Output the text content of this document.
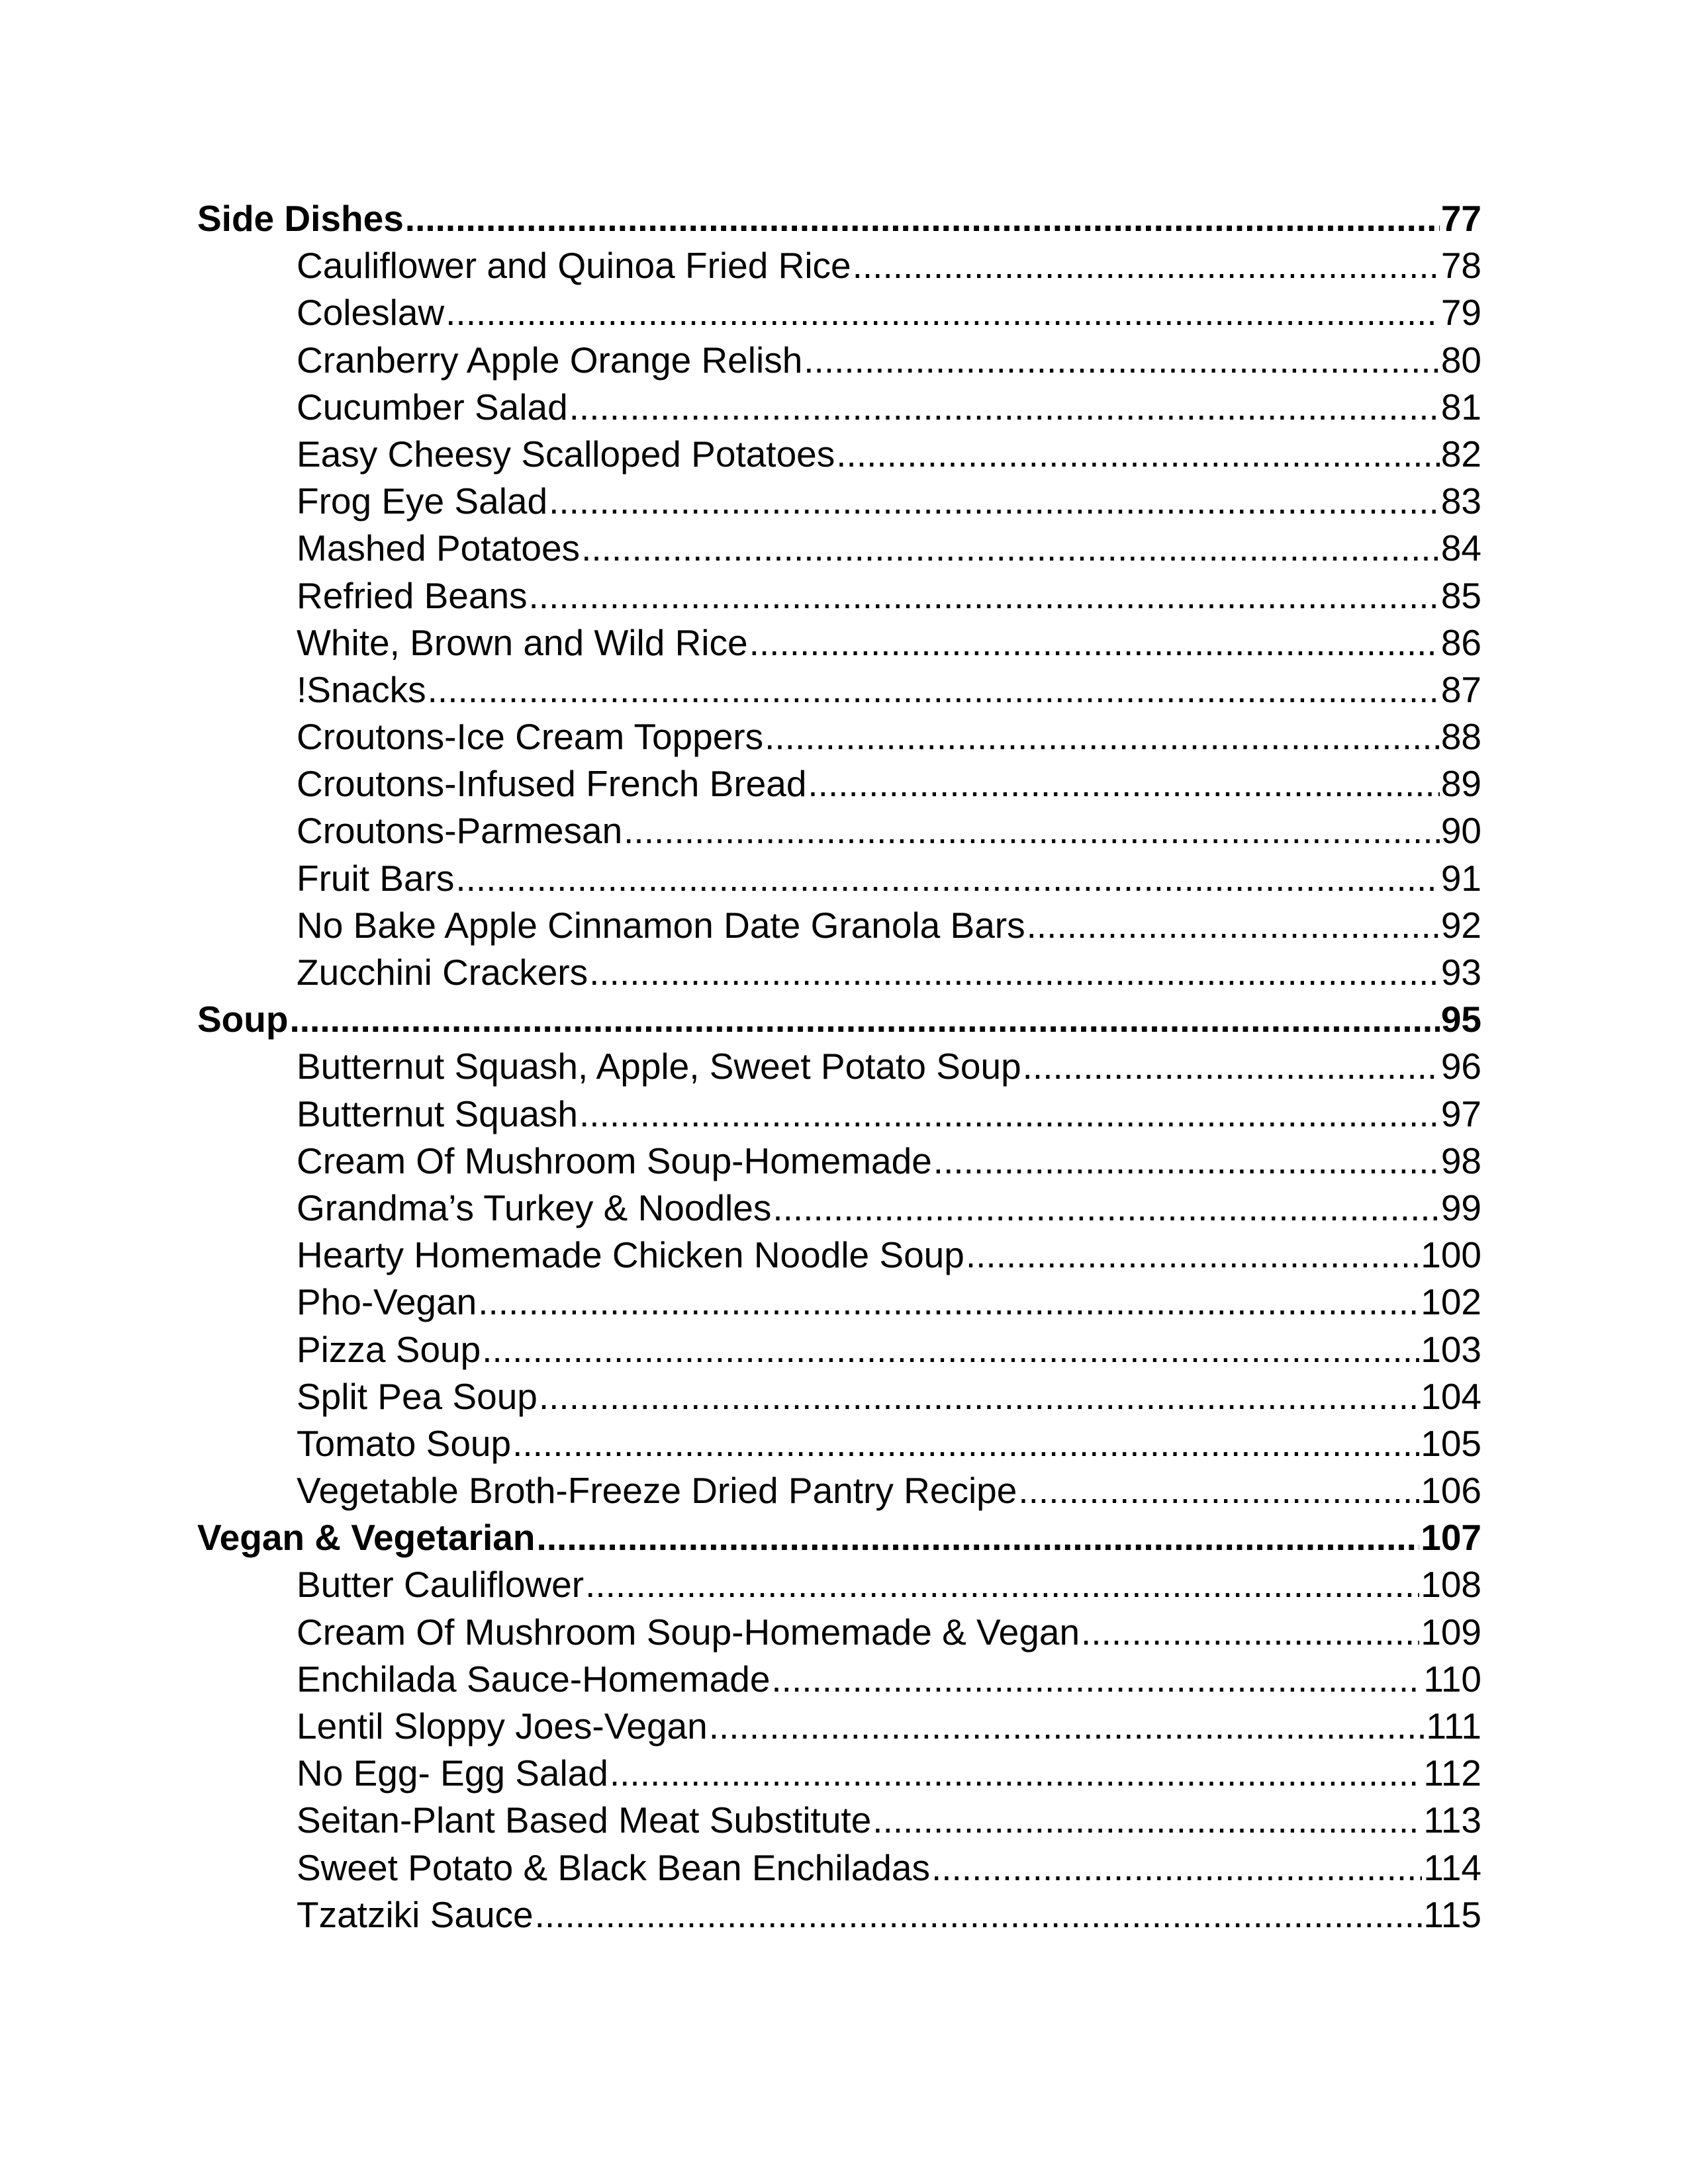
Side Dishes .....	77
Cauliflower and Quinoa Fried Rice .....	78
Coleslaw .....	79
Cranberry Apple Orange Relish .....	80
Cucumber Salad .....	81
Easy Cheesy Scalloped Potatoes .....	82
Frog Eye Salad .....	83
Mashed Potatoes .....	84
Refried Beans .....	85
White, Brown and Wild Rice .....	86
!Snacks .....	87
Croutons-Ice Cream Toppers .....	88
Croutons-Infused French Bread .....	89
Croutons-Parmesan .....	90
Fruit Bars .....	91
No Bake Apple Cinnamon Date Granola Bars .....	92
Zucchini Crackers .....	93
Soup .....	95
Butternut Squash, Apple, Sweet Potato Soup .....	96
Butternut Squash .....	97
Cream Of Mushroom Soup-Homemade .....	98
Grandma’s Turkey & Noodles .....	99
Hearty Homemade Chicken Noodle Soup .....	100
Pho-Vegan .....	102
Pizza Soup .....	103
Split Pea Soup .....	104
Tomato Soup .....	105
Vegetable Broth-Freeze Dried Pantry Recipe .....	106
Vegan & Vegetarian .....	107
Butter Cauliflower .....	108
Cream Of Mushroom Soup-Homemade & Vegan .....	109
Enchilada Sauce-Homemade .....	110
Lentil Sloppy Joes-Vegan .....	111
No Egg- Egg Salad .....	112
Seitan-Plant Based Meat Substitute .....	113
Sweet Potato & Black Bean Enchiladas .....	114
Tzatziki Sauce .....	115
